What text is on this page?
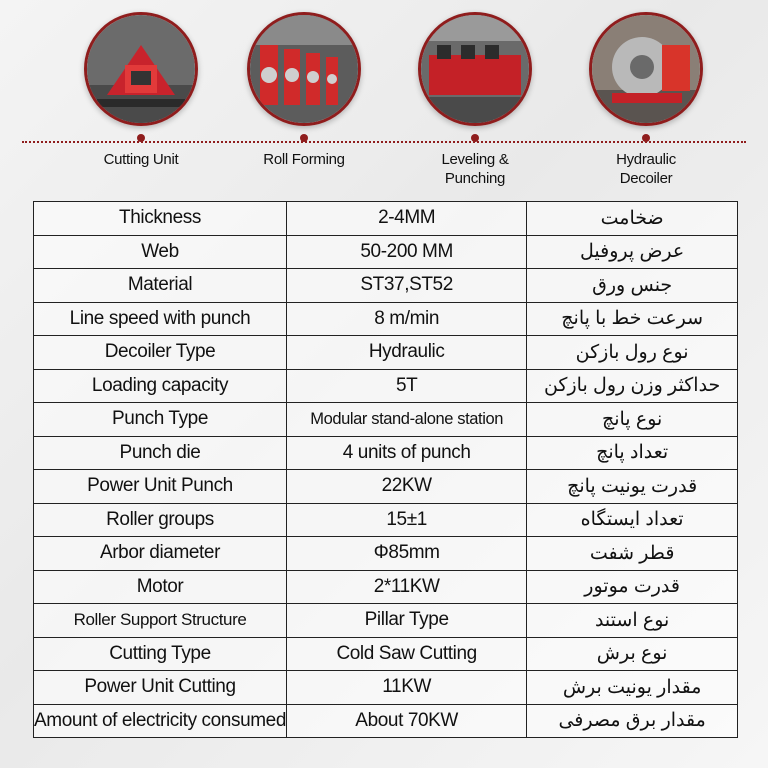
Cutting Unit	Roll Forming	Leveling &
Punching
Hydraulic
Decoiler
Thickness	2-4MM	ضخامت
Web	50-200 MM	عرض پروفیل
Material	ST37,ST52	جنس ورق
Line speed with punch	8 m/min	سرعت خط با پانچ
Decoiler Type	Hydraulic	نوع رول بازکن
Loading capacity	5T	حداکثر وزن رول بازکن
Punch Type	Modular stand-alone station	نوع پانچ
Punch die	4 units of punch	تعداد پانچ
Power Unit Punch	22KW	قدرت یونیت پانچ
Roller groups	15±1	تعداد ایستگاه
Arbor diameter	Φ85mm	قطر شفت
Motor	2*11KW	قدرت موتور
Roller Support Structure	Pillar Type	نوع استند
Cutting Type	Cold Saw Cutting	نوع برش
Power Unit Cutting	11KW	مقدار یونیت برش
Amount of electricity consumed	About 70KW	مقدار برق مصرفی
